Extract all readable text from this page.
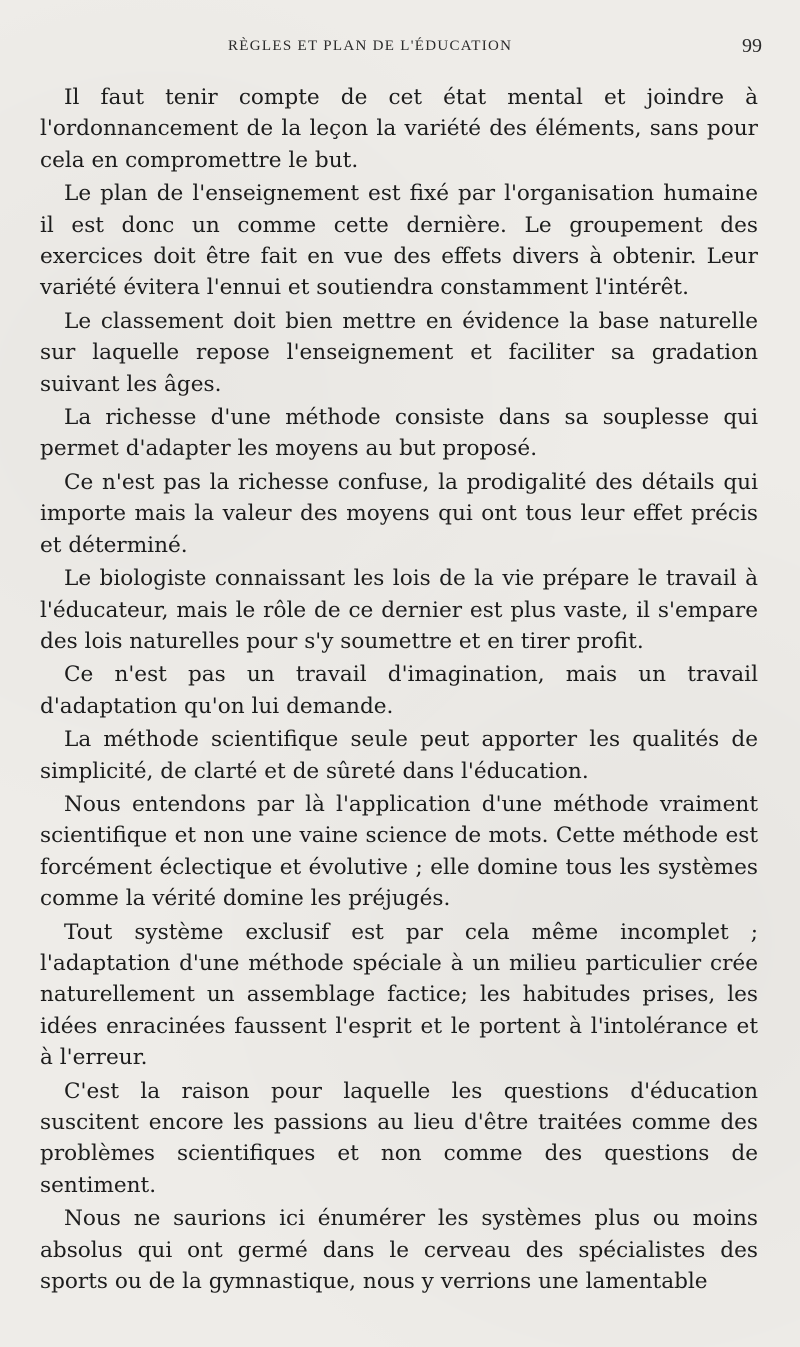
RÈGLES ET PLAN DE L'ÉDUCATION	99

Il faut tenir compte de cet état mental et joindre à l'ordonnancement de la leçon la variété des éléments, sans pour cela en compromettre le but.

Le plan de l'enseignement est fixé par l'organisation humaine il est donc un comme cette dernière. Le groupement des exercices doit être fait en vue des effets divers à obtenir. Leur variété évitera l'ennui et soutiendra constamment l'intérêt.

Le classement doit bien mettre en évidence la base naturelle sur laquelle repose l'enseignement et faciliter sa gradation suivant les âges.

La richesse d'une méthode consiste dans sa souplesse qui permet d'adapter les moyens au but proposé.

Ce n'est pas la richesse confuse, la prodigalité des détails qui importe mais la valeur des moyens qui ont tous leur effet précis et déterminé.

Le biologiste connaissant les lois de la vie prépare le travail à l'éducateur, mais le rôle de ce dernier est plus vaste, il s'empare des lois naturelles pour s'y soumettre et en tirer profit.

Ce n'est pas un travail d'imagination, mais un travail d'adaptation qu'on lui demande.

La méthode scientifique seule peut apporter les qualités de simplicité, de clarté et de sûreté dans l'éducation.

Nous entendons par là l'application d'une méthode vraiment scientifique et non une vaine science de mots. Cette méthode est forcément éclectique et évolutive ; elle domine tous les systèmes comme la vérité domine les préjugés.

Tout système exclusif est par cela même incomplet ; l'adaptation d'une méthode spéciale à un milieu particulier crée naturellement un assemblage factice; les habitudes prises, les idées enracinées faussent l'esprit et le portent à l'intolérance et à l'erreur.

C'est la raison pour laquelle les questions d'éducation suscitent encore les passions au lieu d'être traitées comme des problèmes scientifiques et non comme des questions de sentiment.

Nous ne saurions ici énumérer les systèmes plus ou moins absolus qui ont germé dans le cerveau des spécialistes des sports ou de la gymnastique, nous y verrions une lamentable
